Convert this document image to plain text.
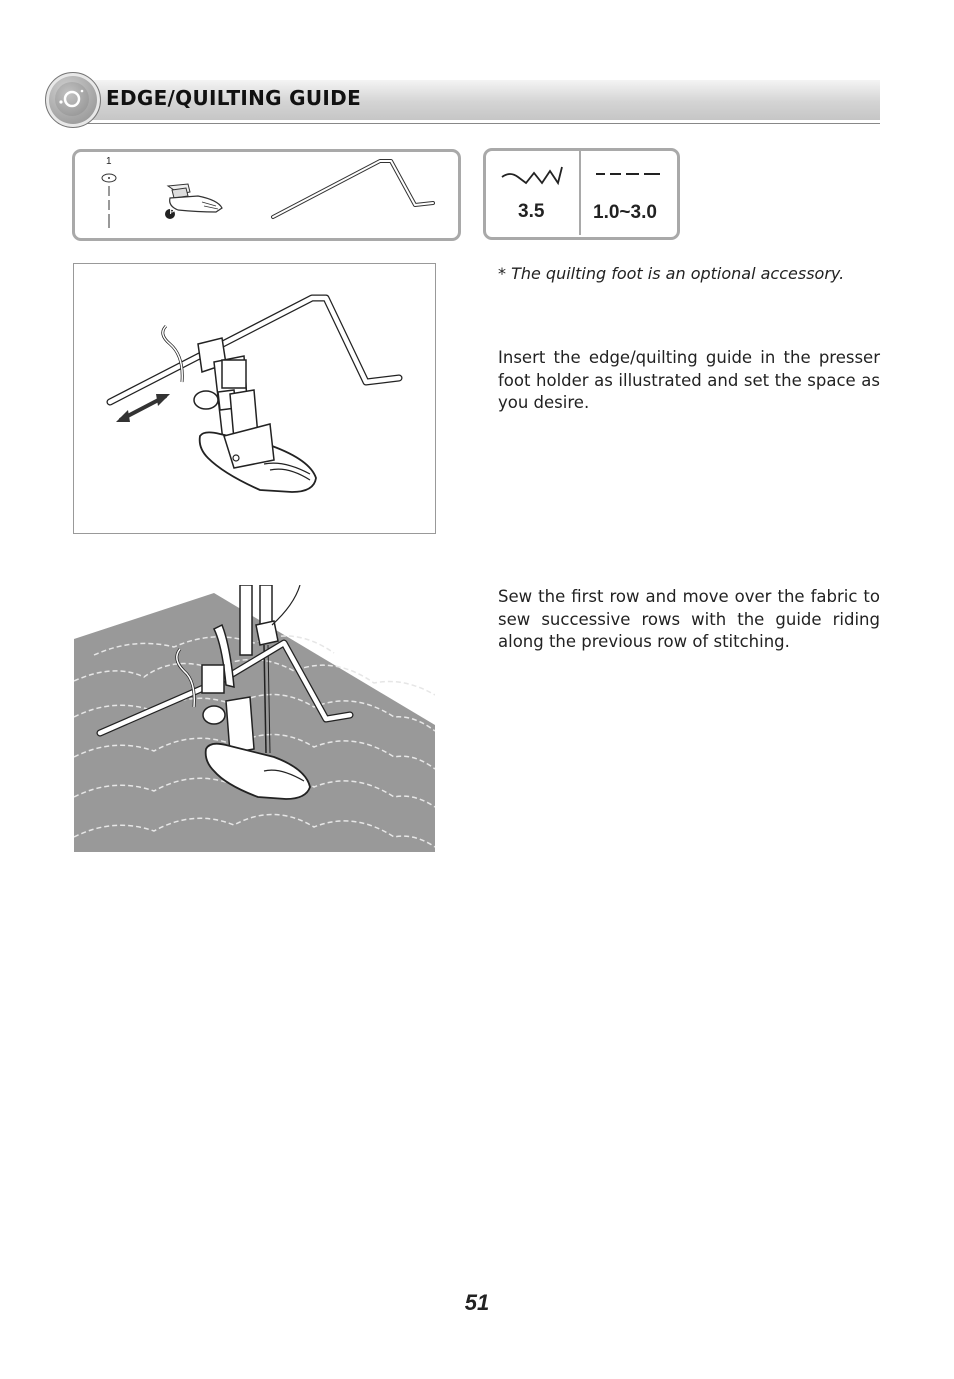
EDGE/QUILTING GUIDE
1
P	3.5	1.0~3.0
* The quilting foot is an optional accessory.
Insert the edge/quilting guide in the presser foot holder as illustrated and set the space as you desire.
Sew the first row and move over the fabric to sew successive rows with the guide riding along the previous row of stitching.
51
